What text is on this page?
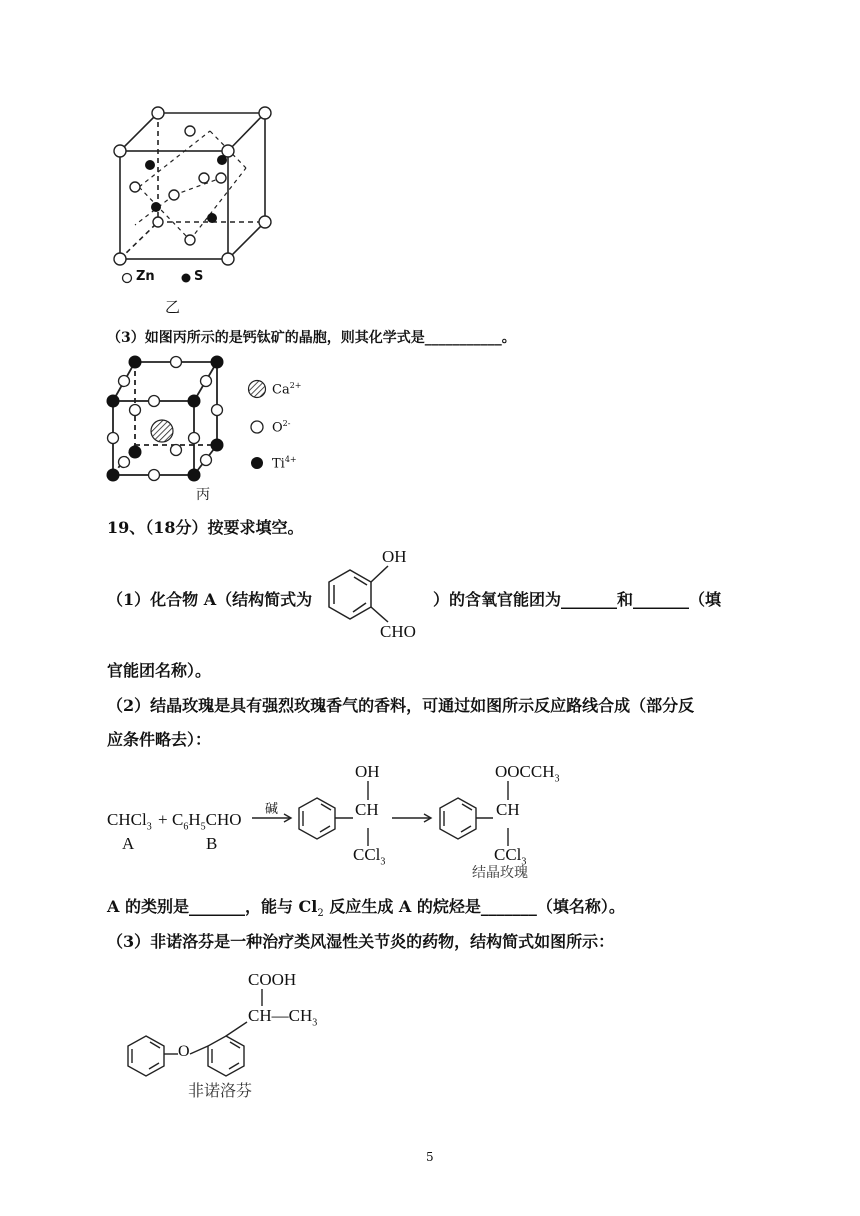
Zn	S
乙
（3）如图丙所示的是钙钛矿的晶胞，则其化学式是___________。
$Ca^{2+}$
$O^{2-}$
$Ti^{4+}$
丙
19、（18分）按要求填空。
（1）化合物 A（结构简式为
OH
CHO
）的含氧官能团为_______和_______（填
官能团名称）。
（2）结晶玫瑰是具有强烈玫瑰香气的香料，可通过如图所示反应路线合成（部分反
应条件略去）：
CHCl$_3$ + $C_6H_5CHO$
A	B
碱
OH
CH
CCl$_3$
$OOCCH_3$
CH
CCl$_3$
结晶玫瑰
A 的类别是_______，能与 $Cl_2$ 反应生成 A 的烷烃是_______（填名称）。
（3）非诺洛芬是一种治疗类风湿性关节炎的药物，结构简式如图所示：
COOH
$CH—CH_3$
O
非诺洛芬
5
